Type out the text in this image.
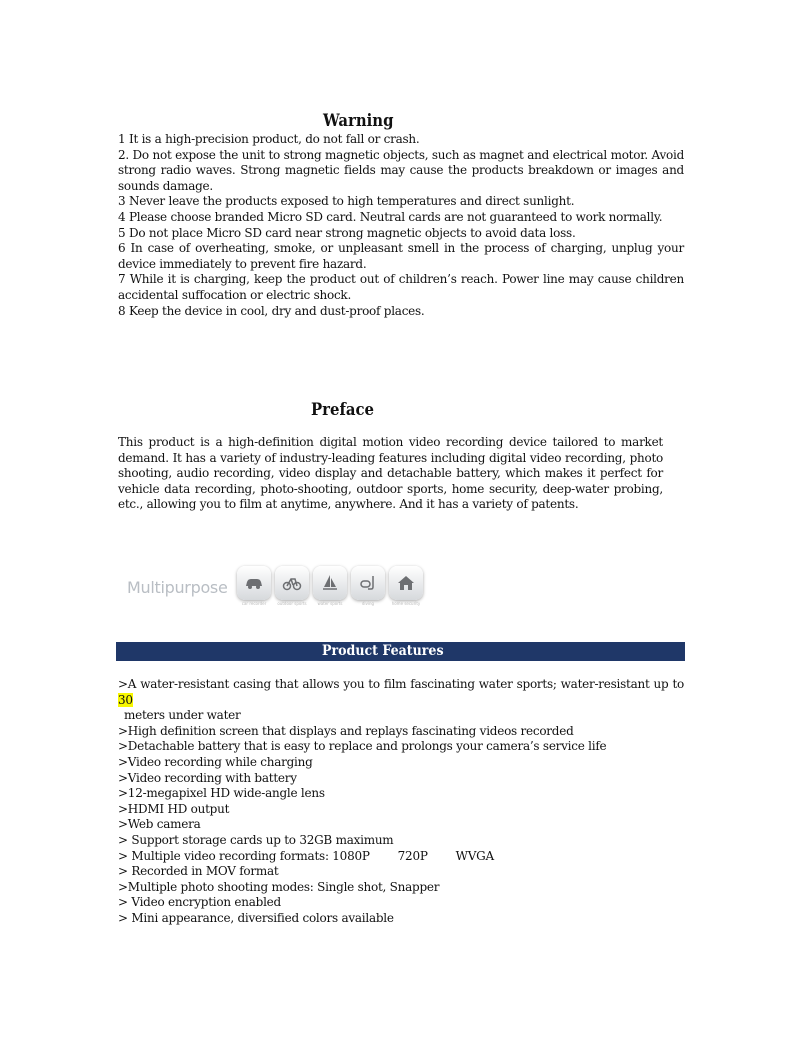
Warning

1 It is a high-precision product, do not fall or crash.

2. Do not expose the unit to strong magnetic objects, such as magnet and electrical motor. Avoid strong radio waves. Strong magnetic fields may cause the products breakdown or images and sounds damage.

3 Never leave the products exposed to high temperatures and direct sunlight.

4 Please choose branded Micro SD card. Neutral cards are not guaranteed to work normally.

5 Do not place Micro SD card near strong magnetic objects to avoid data loss.

6 In case of overheating, smoke, or unpleasant smell in the process of charging, unplug your device immediately to prevent fire hazard.

7 While it is charging, keep the product out of children’s reach. Power line may cause children accidental suffocation or electric shock.

8 Keep the device in cool, dry and dust-proof places.

Preface
This product is a high-definition digital motion video recording device tailored to market demand. It has a variety of industry-leading features including digital video recording, photo shooting, audio recording, video display and detachable battery, which makes it perfect for vehicle data recording, photo-shooting, outdoor sports, home security, deep-water probing, etc., allowing you to film at anytime, anywhere. And it has a variety of patents.
Multipurpose
car recorder	outdoor sports	water sports	diving	home security
Product Features

>A water-resistant casing that allows you to film fascinating water sports; water-resistant up to 30
meters under water

>High definition screen that displays and replays fascinating videos recorded

>Detachable battery that is easy to replace and prolongs your camera’s service life

>Video recording while charging

>Video recording with battery

>12-megapixel HD wide-angle lens

>HDMI HD output

>Web camera

> Support storage cards up to 32GB maximum

> Multiple video recording formats: 1080P 720P WVGA

> Recorded in MOV format

>Multiple photo shooting modes: Single shot, Snapper

> Video encryption enabled

> Mini appearance, diversified colors available
